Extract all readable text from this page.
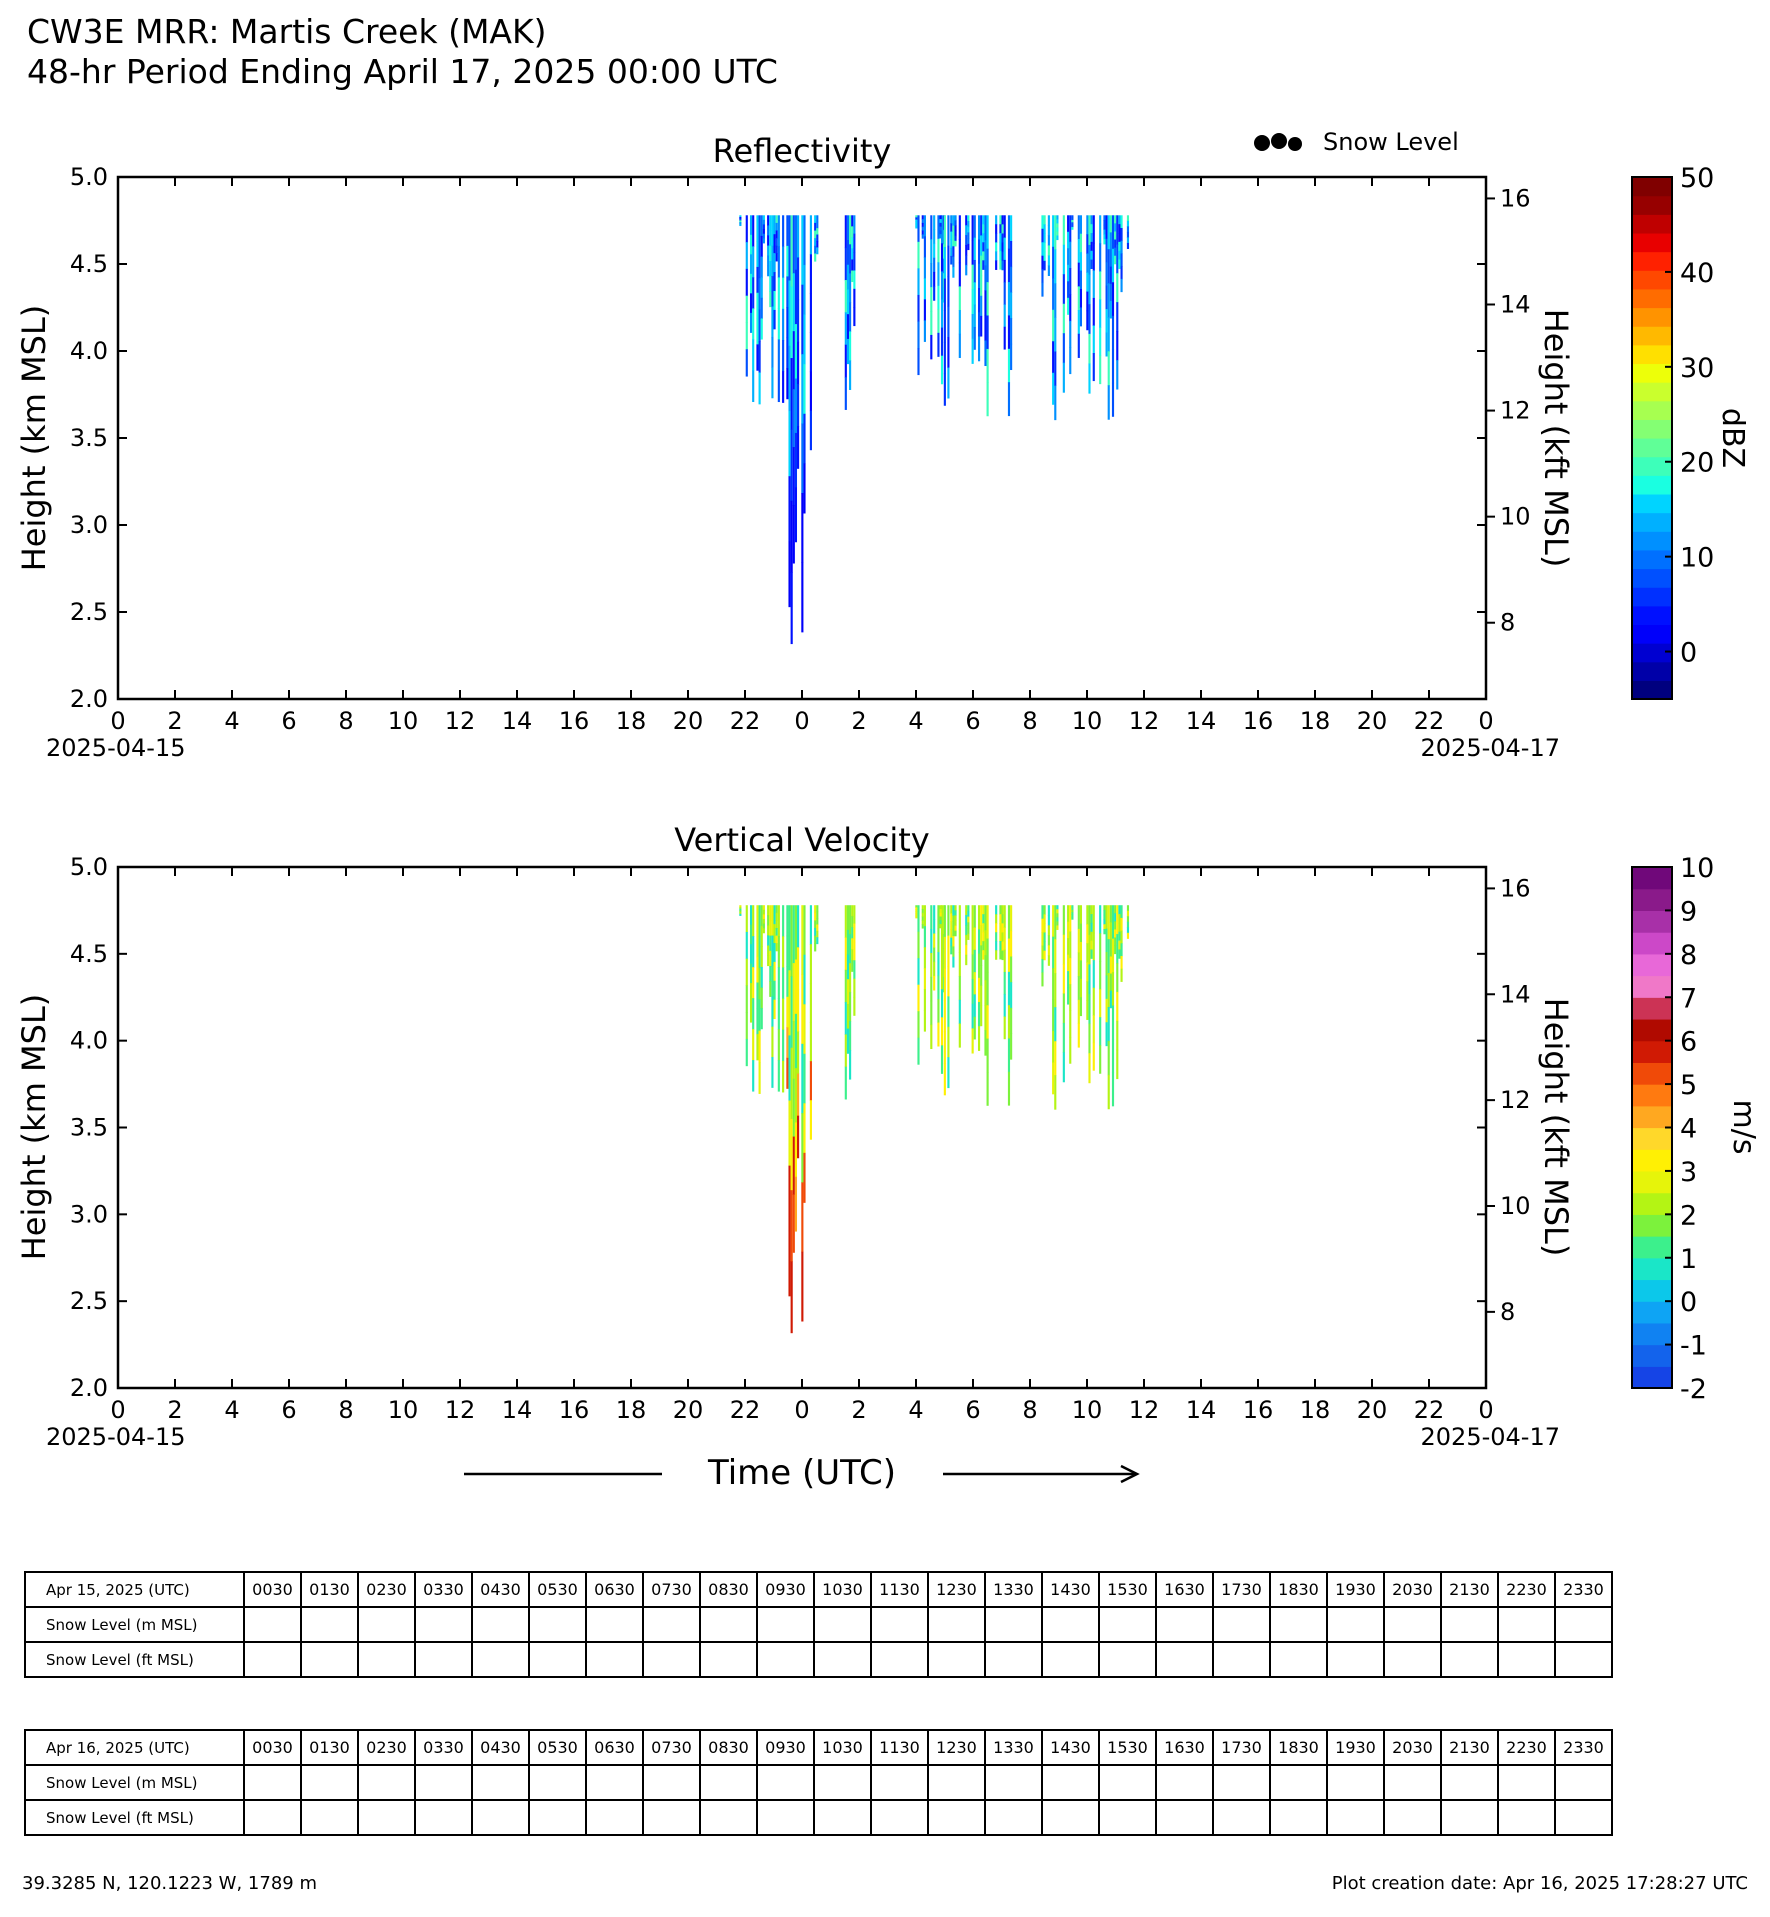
CW3E MRR: Martis Creek (MAK)
48-hr Period Ending April 17, 2025 00:00 UTC
Snow Level
Reflectivity
2.0
2.5
3.0
3.5
4.0
4.5
5.0
8
10
12
14
16
0 2 4 6 8 10 12 14 16 18 20 22 0 2 4 6 8 10 12 14 16 18 20 22 0
Height (km MSL)	Height (kft MSL)
2025-04-15	2025-04-17
0
10
20
30
40
50
dBZ
Vertical Velocity
2.0
2.5
3.0
3.5
4.0
4.5
5.0
8
10
12
14
16
0 2 4 6 8 10 12 14 16 18 20 22 0 2 4 6 8 10 12 14 16 18 20 22 0
Height (km MSL)	Height (kft MSL)
2025-04-15	2025-04-17
-2
-1
0
1
2
3
4
5
6
7
8
9
10
m/s
Time (UTC)
Apr 15, 2025 (UTC)	0030	0130	0230	0330	0430	0530	0630	0730	0830	0930	1030	1130	1230	1330	1430	1530	1630	1730	1830	1930	2030	2130	2230	2330
Snow Level (m MSL)																								
Snow Level (ft MSL)																								
Apr 16, 2025 (UTC)	0030	0130	0230	0330	0430	0530	0630	0730	0830	0930	1030	1130	1230	1330	1430	1530	1630	1730	1830	1930	2030	2130	2230	2330
Snow Level (m MSL)																								
Snow Level (ft MSL)																								
39.3285 N, 120.1223 W, 1789 m	Plot creation date: Apr 16, 2025 17:28:27 UTC
